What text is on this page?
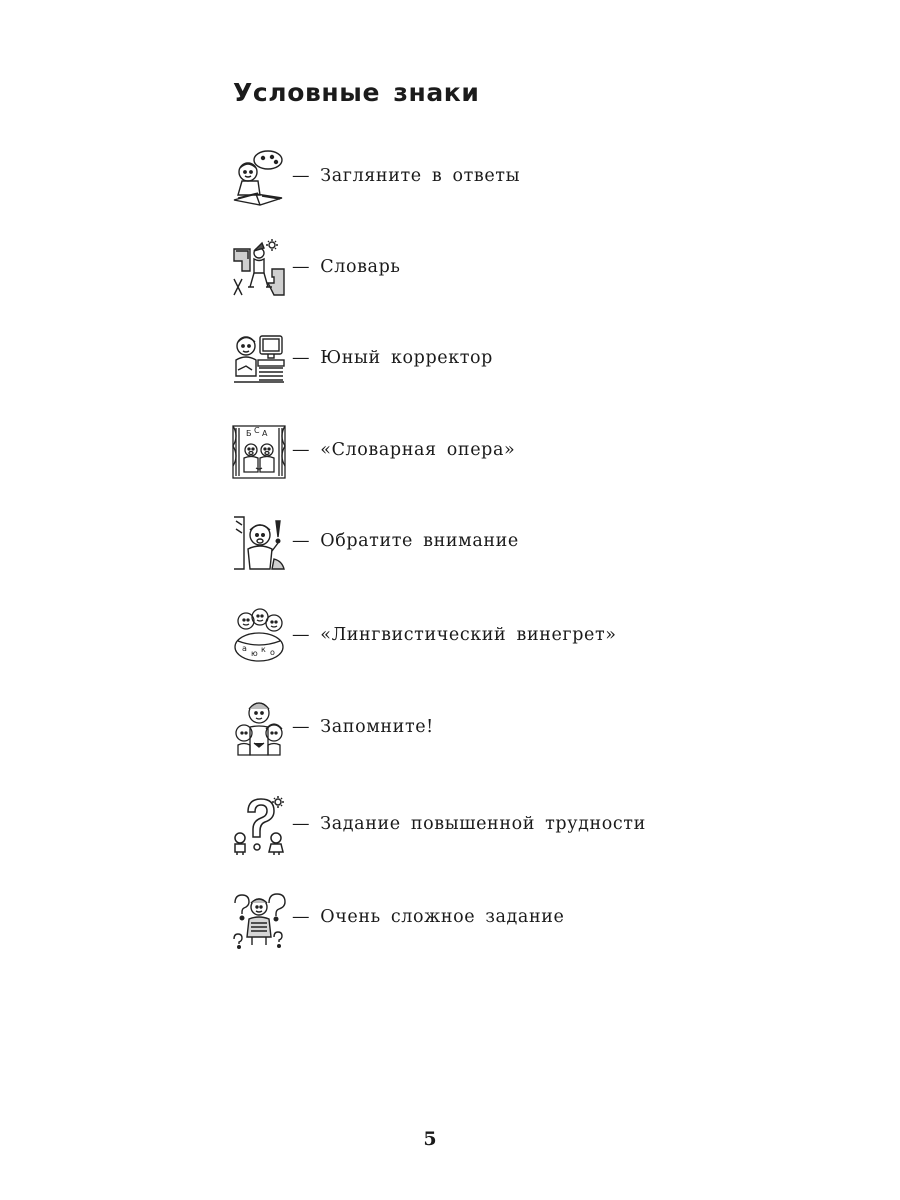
Условные знаки
— Загляните в ответы
— Словарь
— Юный корректор
Б С А
— «Словарная опера»
— Обратите внимание
а
ю к о
— «Лингвистический винегрет»
— Запомните!
— Задание повышенной трудности
— Очень сложное задание
5
